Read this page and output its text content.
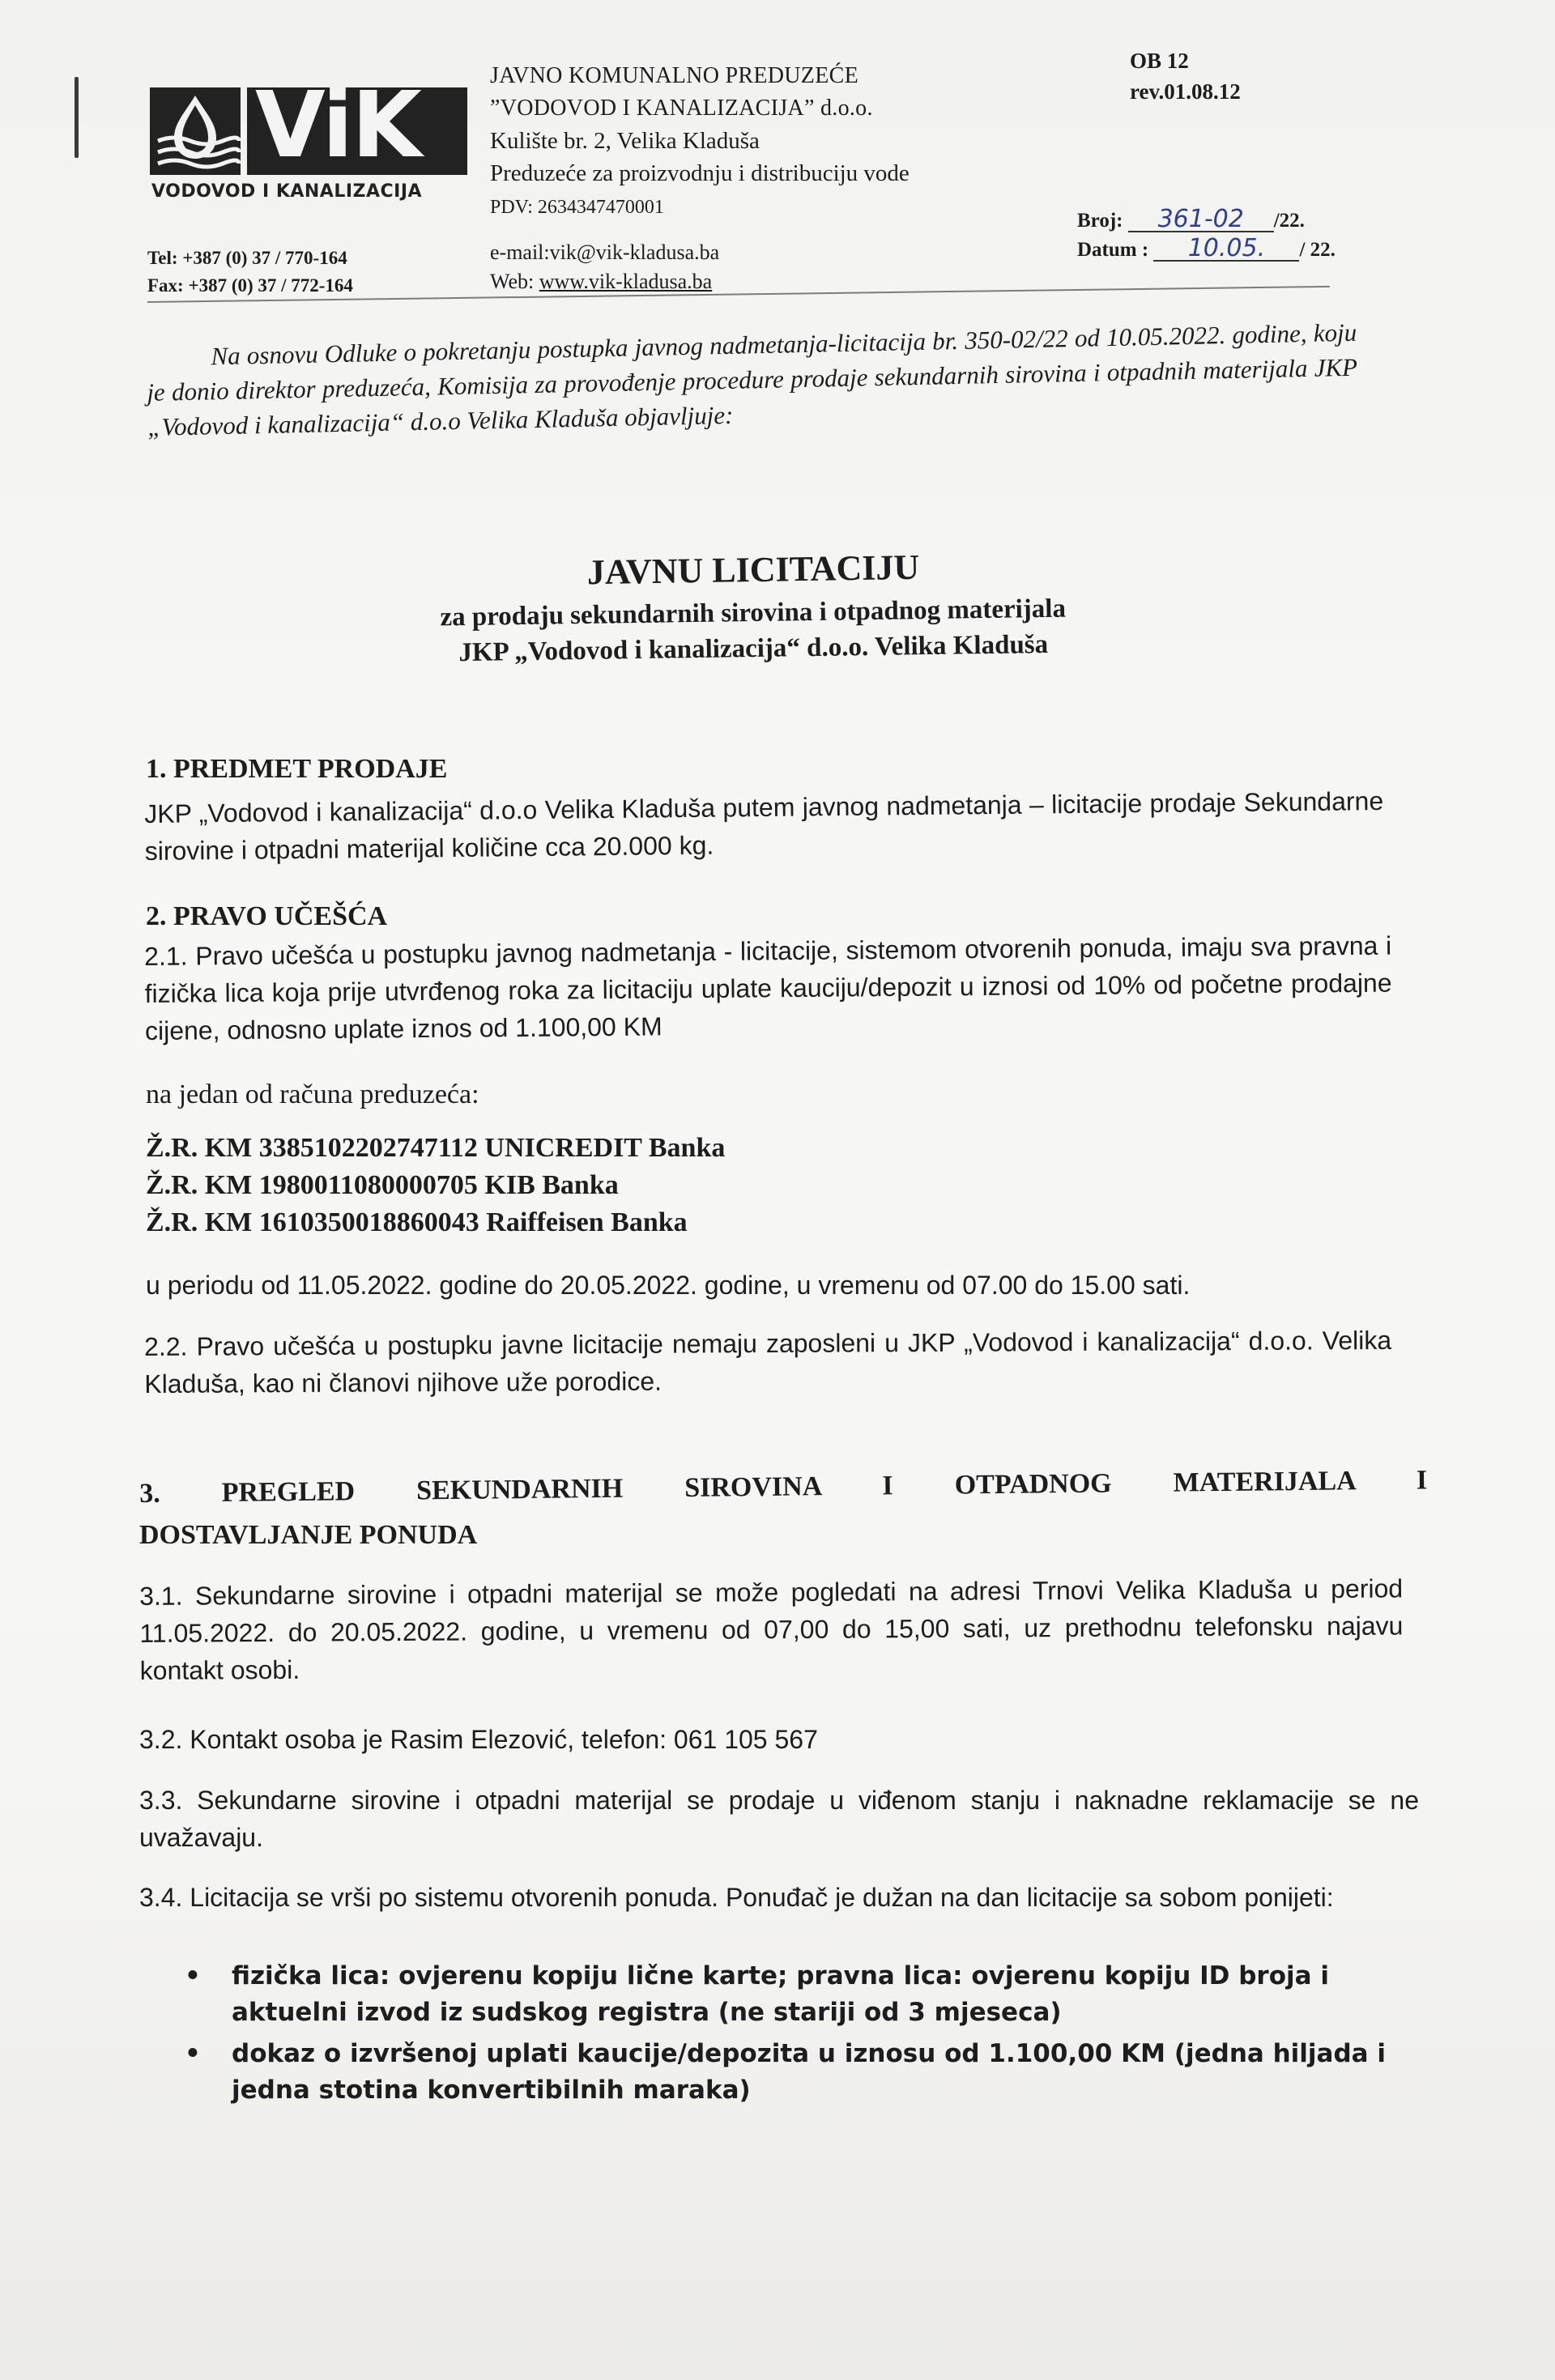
ViK
VODOVOD I KANALIZACIJA
Tel: +387 (0) 37 / 770-164
Fax: +387 (0) 37 / 772-164
JAVNO KOMUNALNO PREDUZEĆE
”VODOVOD I KANALIZACIJA” d.o.o.
Kulište br. 2, Velika Kladuša
Preduzeće za proizvodnju i distribuciju vode
PDV: 2634347470001
e-mail:vik@vik-kladusa.ba
Web: www.vik-kladusa.ba
OB 12
rev.01.08.12
Broj: 361-02 /22.
Datum : 10.05. / 22.
Na osnovu Odluke o pokretanju postupka javnog nadmetanja-licitacija br. 350-02/22 od 10.05.2022. godine, koju je donio direktor preduzeća, Komisija za provođenje procedure prodaje sekundarnih sirovina i otpadnih materijala JKP „Vodovod i kanalizacija“ d.o.o Velika Kladuša objavljuje:
JAVNU LICITACIJU
za prodaju sekundarnih sirovina i otpadnog materijala
JKP „Vodovod i kanalizacija“ d.o.o. Velika Kladuša
1. PREDMET PRODAJE
JKP „Vodovod i kanalizacija“ d.o.o Velika Kladuša putem javnog nadmetanja – licitacije prodaje Sekundarne sirovine i otpadni materijal količine cca 20.000 kg.
2. PRAVO UČEŠĆA
2.1. Pravo učešća u postupku javnog nadmetanja - licitacije, sistemom otvorenih ponuda, imaju sva pravna i fizička lica koja prije utvrđenog roka za licitaciju uplate kauciju/depozit u iznosi od 10% od početne prodajne cijene, odnosno uplate iznos od 1.100,00 KM
na jedan od računa preduzeća:
Ž.R. KM 3385102202747112 UNICREDIT Banka
Ž.R. KM 1980011080000705 KIB Banka
Ž.R. KM 1610350018860043 Raiffeisen Banka
u periodu od 11.05.2022. godine do 20.05.2022. godine, u vremenu od 07.00 do 15.00 sati.
2.2. Pravo učešća u postupku javne licitacije nemaju zaposleni u JKP „Vodovod i kanalizacija“ d.o.o. Velika Kladuša, kao ni članovi njihove uže porodice.
3. PREGLED SEKUNDARNIH SIROVINA I OTPADNOG MATERIJALA I
DOSTAVLJANJE PONUDA
3.1. Sekundarne sirovine i otpadni materijal se može pogledati na adresi Trnovi Velika Kladuša u period 11.05.2022. do 20.05.2022. godine, u vremenu od 07,00 do 15,00 sati, uz prethodnu telefonsku najavu kontakt osobi.
3.2. Kontakt osoba je Rasim Elezović, telefon: 061 105 567
3.3. Sekundarne sirovine i otpadni materijal se prodaje u viđenom stanju i naknadne reklamacije se ne uvažavaju.
3.4. Licitacija se vrši po sistemu otvorenih ponuda. Ponuđač je dužan na dan licitacije sa sobom ponijeti:
• fizička lica: ovjerenu kopiju lične karte; pravna lica: ovjerenu kopiju ID broja i aktuelni izvod iz sudskog registra (ne stariji od 3 mjeseca)
• dokaz o izvršenoj uplati kaucije/depozita u iznosu od 1.100,00 KM (jedna hiljada i jedna stotina konvertibilnih maraka)
